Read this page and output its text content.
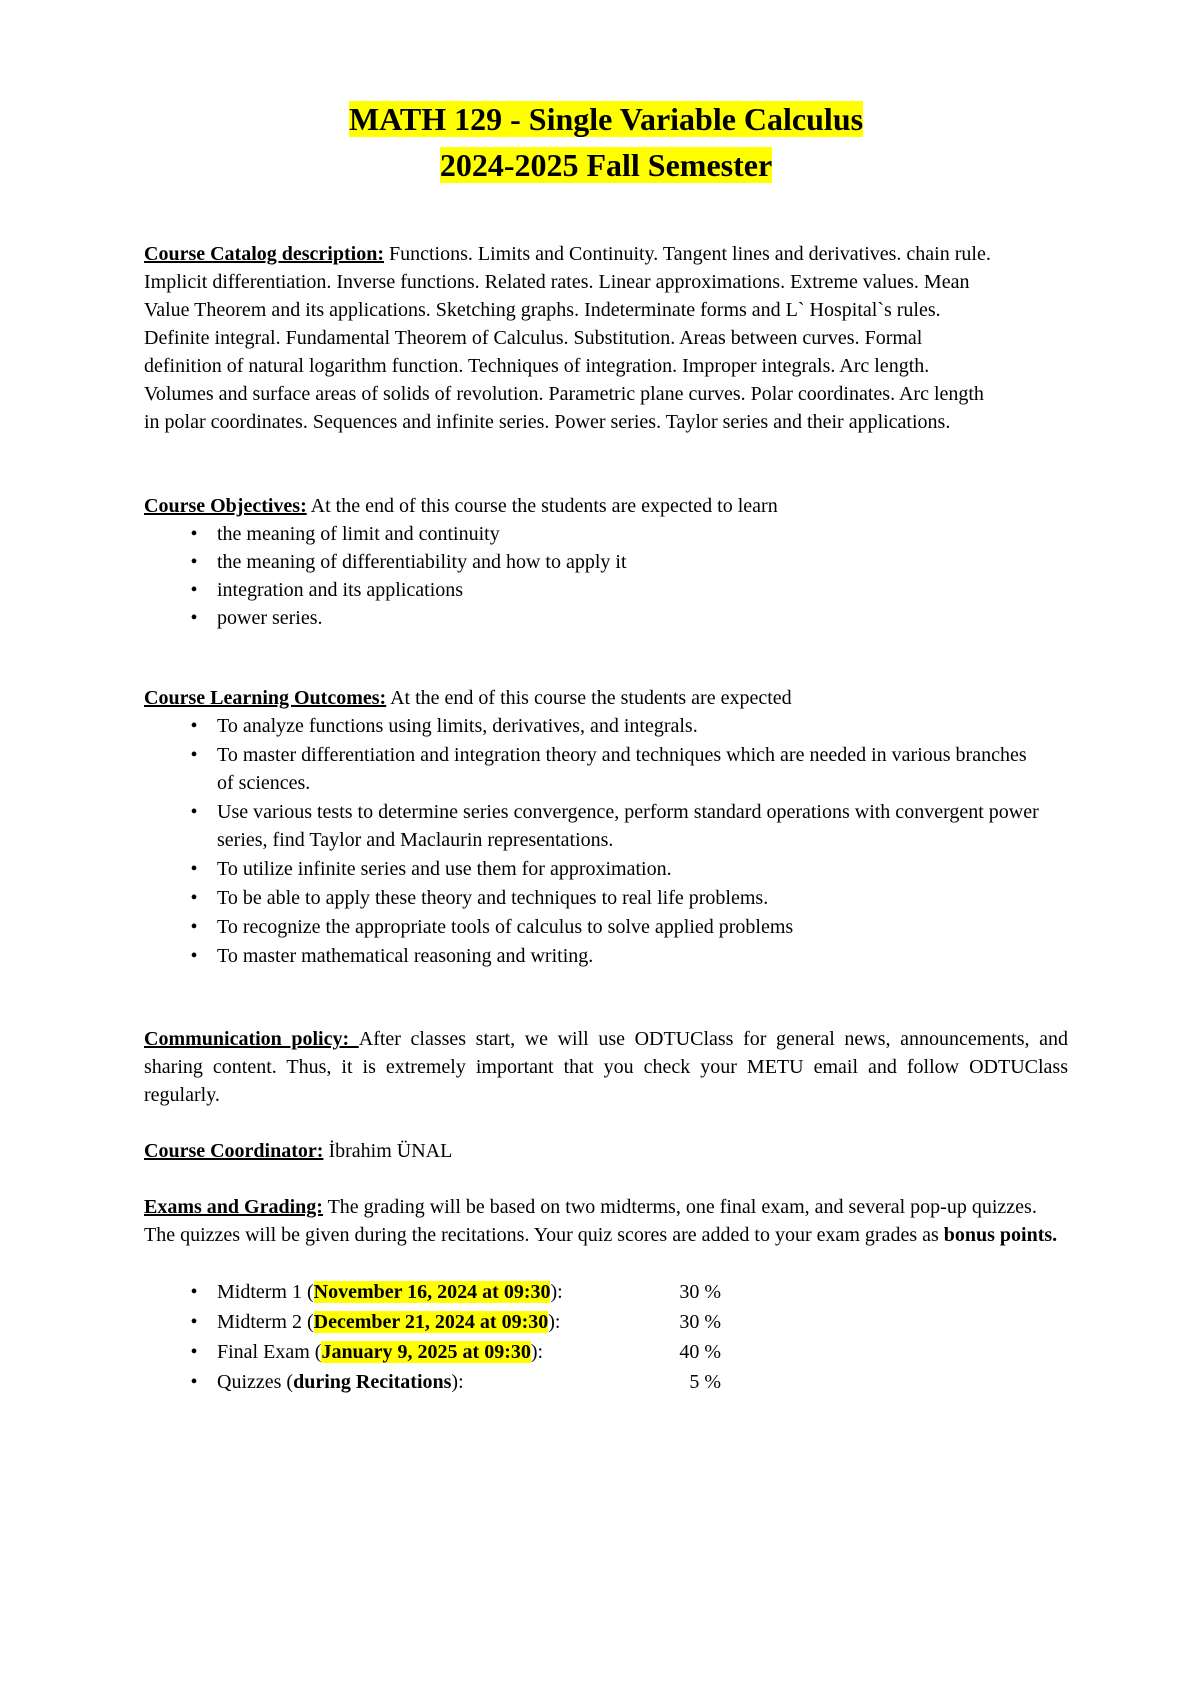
MATH 129 - Single Variable Calculus
2024-2025 Fall Semester

Course Catalog description: Functions. Limits and Continuity. Tangent lines and derivatives. chain rule. Implicit differentiation. Inverse functions. Related rates. Linear approximations. Extreme values. Mean Value Theorem and its applications. Sketching graphs. Indeterminate forms and L` Hospital`s rules. Definite integral. Fundamental Theorem of Calculus. Substitution. Areas between curves. Formal definition of natural logarithm function. Techniques of integration. Improper integrals. Arc length. Volumes and surface areas of solids of revolution. Parametric plane curves. Polar coordinates. Arc length in polar coordinates. Sequences and infinite series. Power series. Taylor series and their applications.

Course Objectives: At the end of this course the students are expected to learn

• the meaning of limit and continuity
• the meaning of differentiability and how to apply it
• integration and its applications
• power series.

Course Learning Outcomes: At the end of this course the students are expected

• To analyze functions using limits, derivatives, and integrals.
• To master differentiation and integration theory and techniques which are needed in various branches of sciences.
• Use various tests to determine series convergence, perform standard operations with convergent power series, find Taylor and Maclaurin representations.
• To utilize infinite series and use them for approximation.
• To be able to apply these theory and techniques to real life problems.
• To recognize the appropriate tools of calculus to solve applied problems
• To master mathematical reasoning and writing.

Communication policy: After classes start, we will use ODTUClass for general news, announcements, and sharing content. Thus, it is extremely important that you check your METU email and follow ODTUClass regularly.

Course Coordinator: İbrahim ÜNAL

Exams and Grading: The grading will be based on two midterms, one final exam, and several pop-up quizzes. The quizzes will be given during the recitations. Your quiz scores are added to your exam grades as bonus points.

• Midterm 1 (November 16, 2024 at 09:30):	30 %
• Midterm 2 (December 21, 2024 at 09:30):	30 %
• Final Exam (January 9, 2025 at 09:30):	40 %
• Quizzes (during Recitations):	5 %
